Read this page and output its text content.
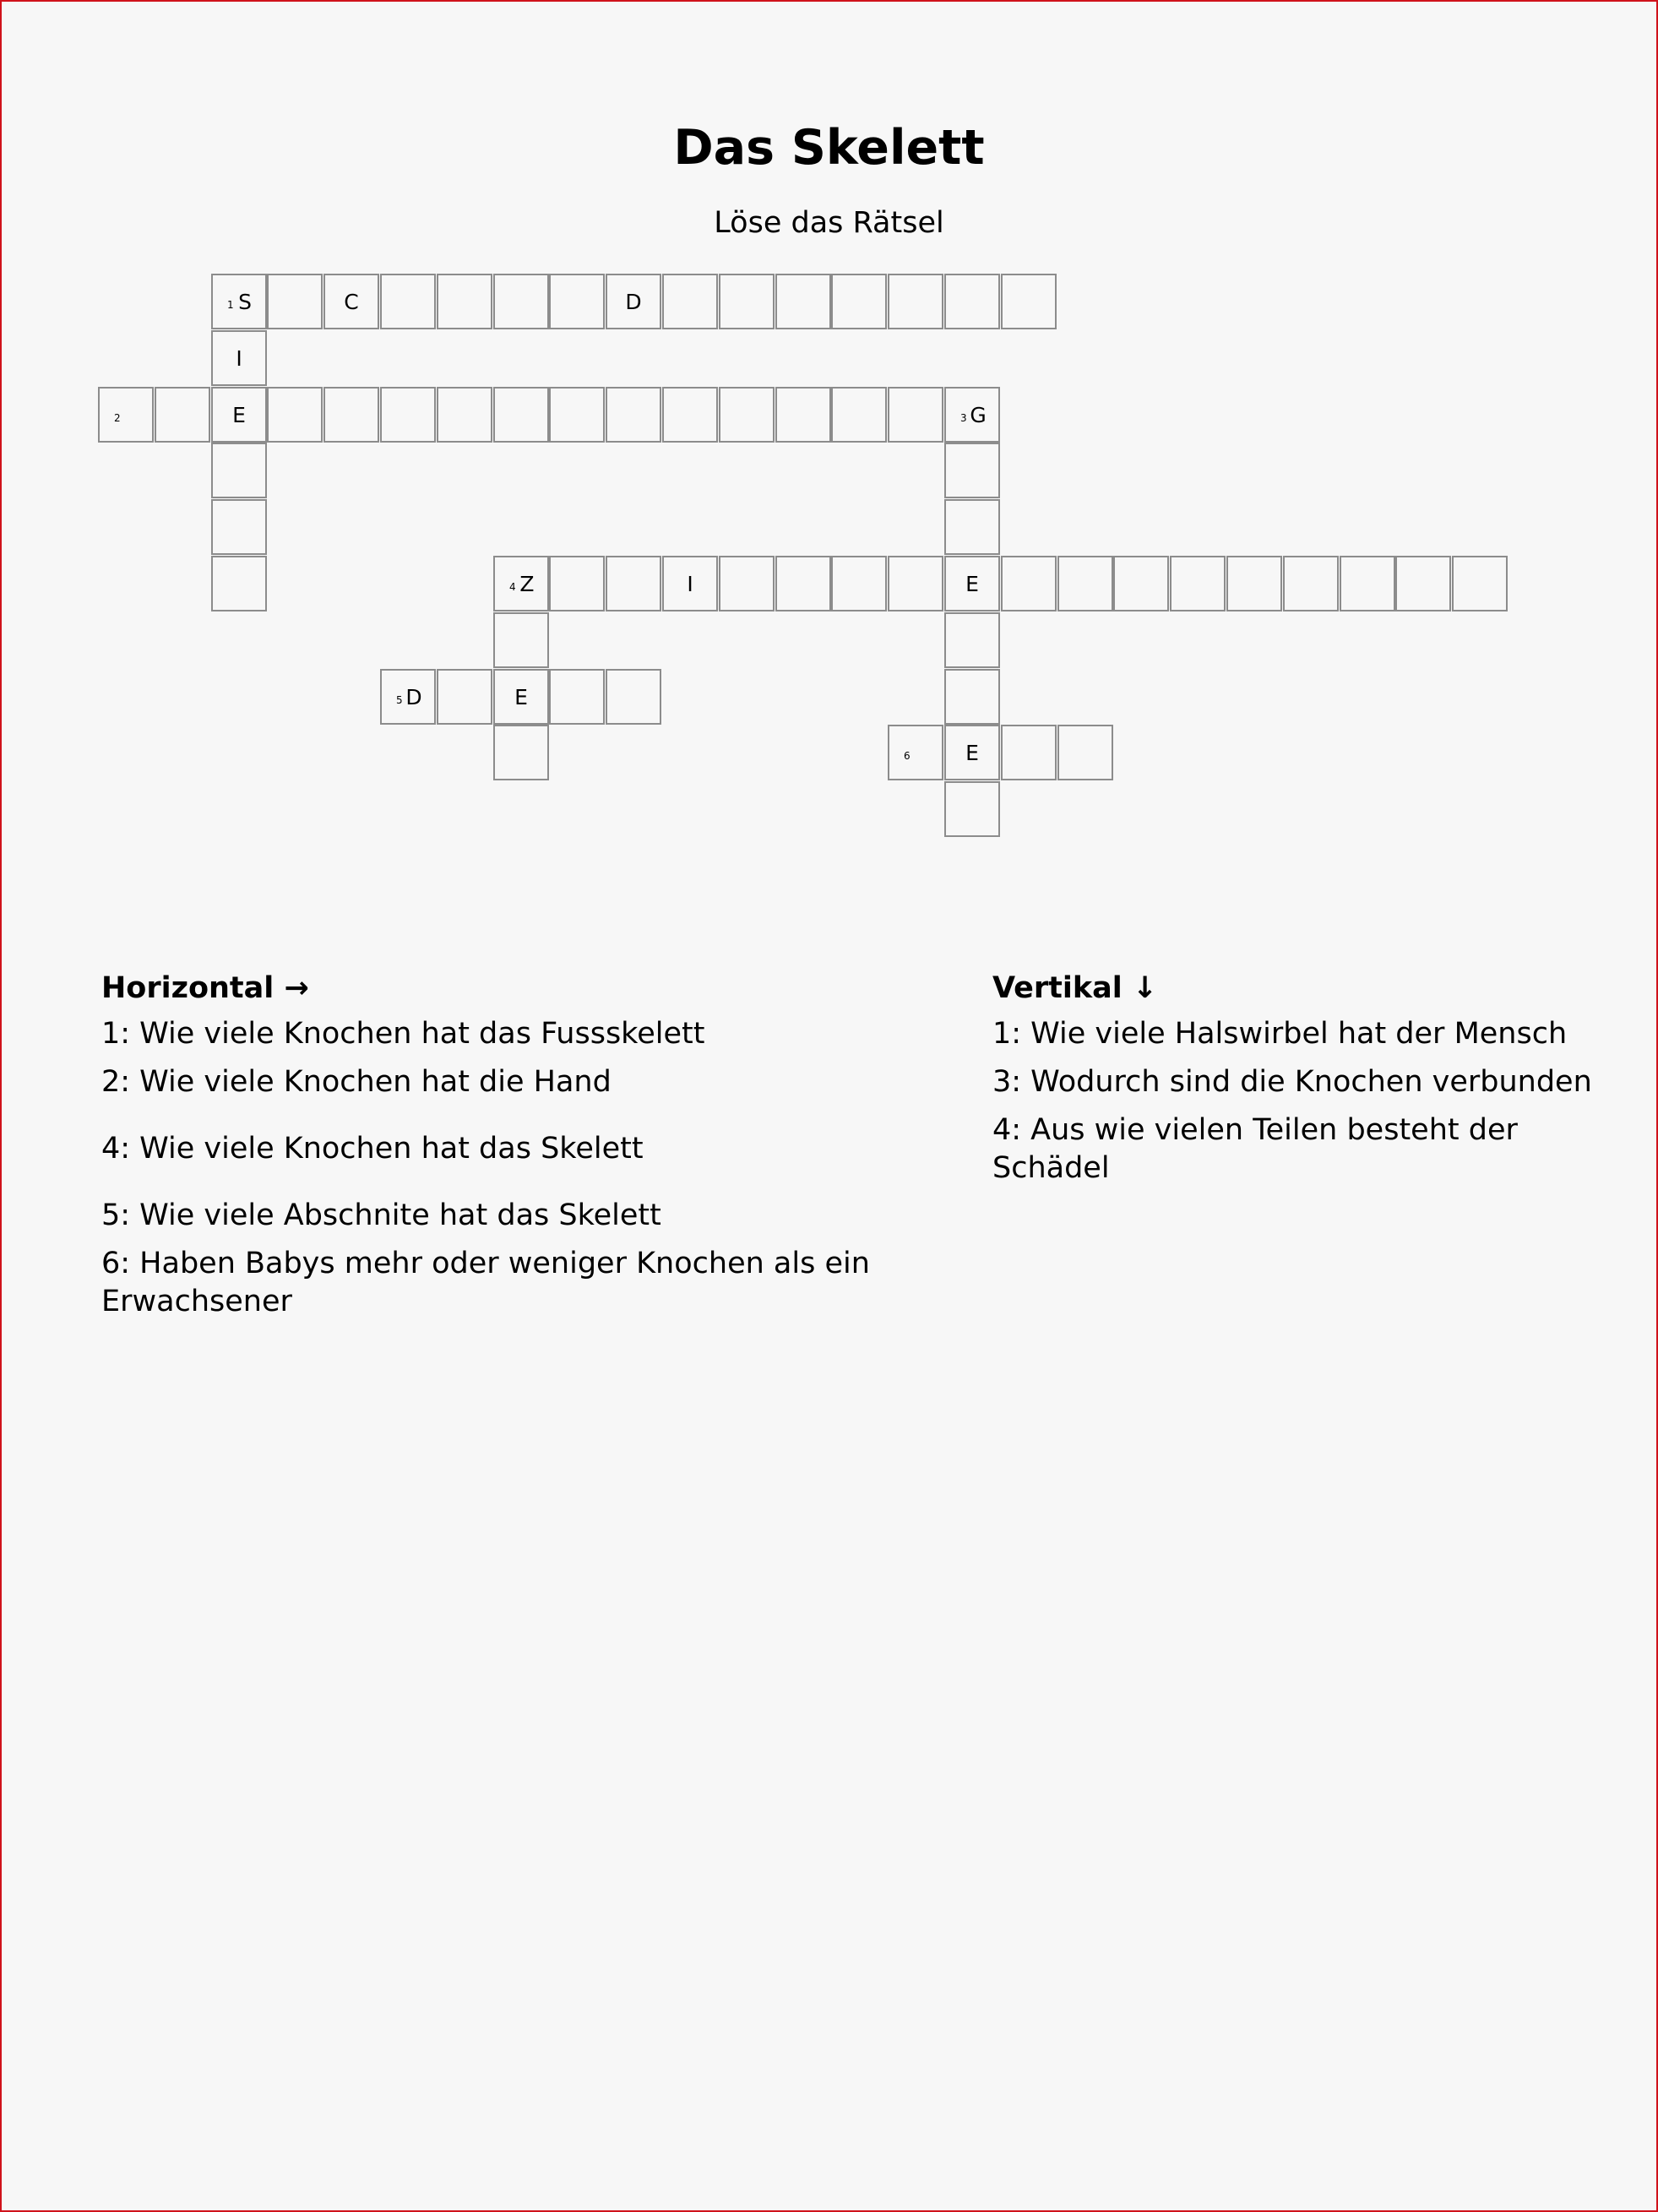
Das Skelett
Löse das Rätsel
1 S	C	D
I
2	E	3 G
4 Z	I	E
5 D	E
6	E
Horizontal →
1: Wie viele Knochen hat das Fussskelett
2: Wie viele Knochen hat die Hand
4: Wie viele Knochen hat das Skelett
5: Wie viele Abschnite hat das Skelett
6: Haben Babys mehr oder weniger Knochen als ein Erwachsener
Vertikal ↓
1: Wie viele Halswirbel hat der Mensch
3: Wodurch sind die Knochen verbunden
4: Aus wie vielen Teilen besteht der Schädel
